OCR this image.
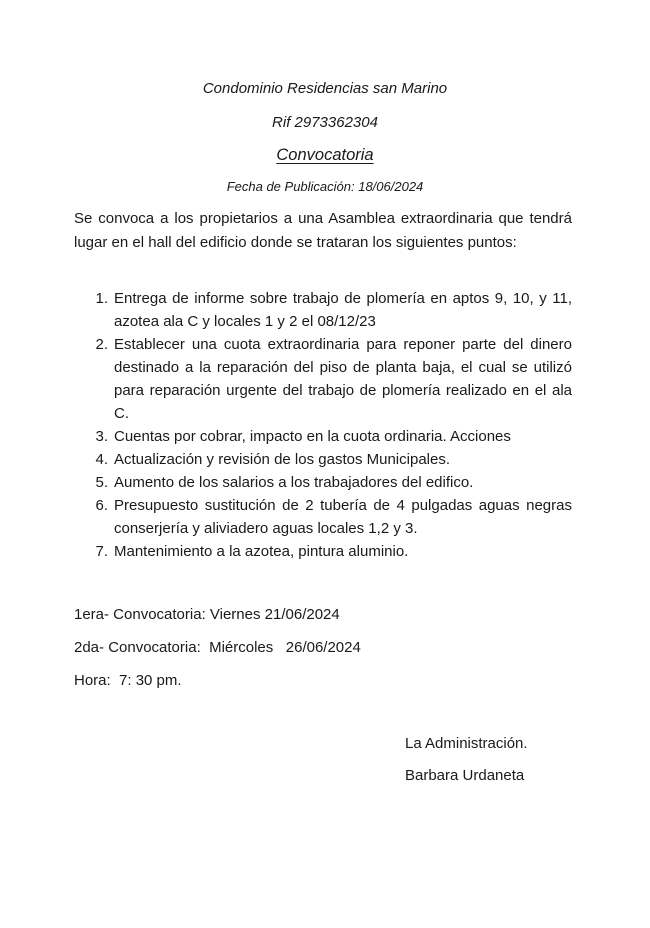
Condominio Residencias san Marino
Rif 2973362304
Convocatoria
Fecha de Publicación: 18/06/2024

Se convoca a los propietarios a una Asamblea extraordinaria que tendrá lugar en el hall del edificio donde se trataran los siguientes puntos:

1. Entrega de informe sobre trabajo de plomería en aptos 9, 10, y 11, azotea ala C y locales 1 y 2 el 08/12/23
2. Establecer una cuota extraordinaria para reponer parte del dinero destinado a la reparación del piso de planta baja, el cual se utilizó para reparación urgente del trabajo de plomería realizado en el ala C.
3. Cuentas por cobrar, impacto en la cuota ordinaria. Acciones
4. Actualización y revisión de los gastos Municipales.
5. Aumento de los salarios a los trabajadores del edifico.
6. Presupuesto sustitución de 2 tubería de 4 pulgadas aguas negras conserjería y aliviadero aguas locales 1,2 y 3.
7. Mantenimiento a la azotea, pintura aluminio.
1era- Convocatoria: Viernes 21/06/2024
2da- Convocatoria:  Miércoles   26/06/2024
Hora:  7: 30 pm.
La Administración.
Barbara Urdaneta
